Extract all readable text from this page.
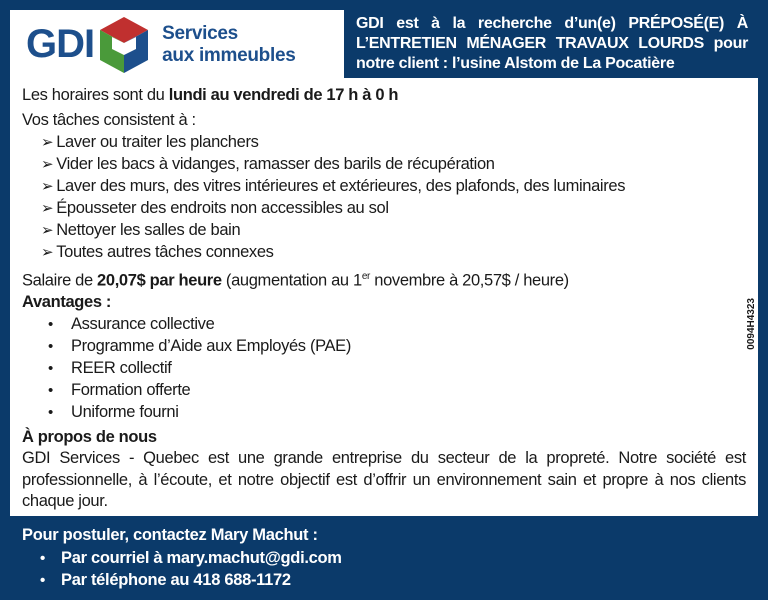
GDI	Services
aux immeubles
GDI est à la recherche d’un(e) PRÉPOSÉ(E) À L’ENTRETIEN MÉNAGER TRAVAUX LOURDS pour notre client : l’usine Alstom de La Pocatière
Les horaires sont du lundi au vendredi de 17 h à 0 h
Vos tâches consistent à :
➢ Laver ou traiter les planchers
➢ Vider les bacs à vidanges, ramasser des barils de récupération
➢ Laver des murs, des vitres intérieures et extérieures, des plafonds, des luminaires
➢ Épousseter des endroits non accessibles au sol
➢ Nettoyer les salles de bain
➢ Toutes autres tâches connexes
Salaire de 20,07$ par heure (augmentation au 1er novembre à 20,57$ / heure)
Avantages :
• Assurance collective
• Programme d’Aide aux Employés (PAE)
• REER collectif
• Formation offerte
• Uniforme fourni
À propos de nous
GDI Services - Quebec est une grande entreprise du secteur de la propreté. Notre société est professionnelle, à l’écoute, et notre objectif est d’offrir un environnement sain et propre à nos clients chaque jour.
0094H4323
Pour postuler, contactez Mary Machut :
• Par courriel à mary.machut@gdi.com
• Par téléphone au 418 688-1172
